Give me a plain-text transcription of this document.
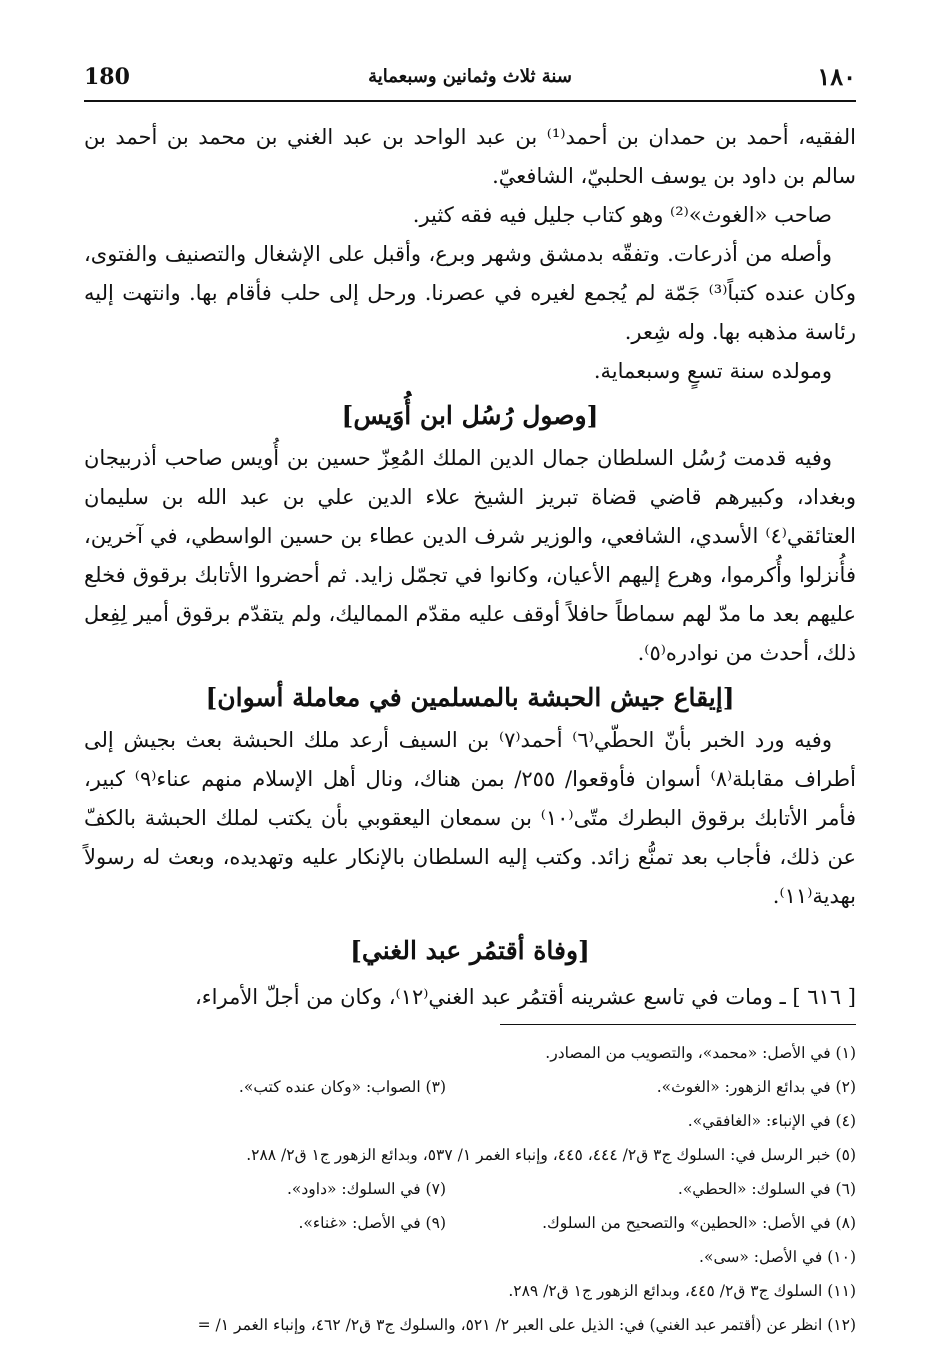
180	سنة ثلاث وثمانين وسبعماية	١٨٠

الفقيه، أحمد بن حمدان بن أحمد⁽¹⁾ بن عبد الواحد بن عبد الغني بن محمد بن أحمد بن سالم بن داود بن يوسف الحلبيّ، الشافعيّ.

صاحب «الغوث»⁽²⁾ وهو كتاب جليل فيه فقه كثير.

وأصله من أذرعات. وتفقّه بدمشق وشهر وبرع، وأقبل على الإشغال والتصنيف والفتوى، وكان عنده كتباً⁽³⁾ جَمّة لم يُجمع لغيره في عصرنا. ورحل إلى حلب فأقام بها. وانتهت إليه رئاسة مذهبه بها. وله شِعر.

ومولده سنة تسعٍ وسبعماية.

[وصول رُسُل ابن أُوَيس]

وفيه قدمت رُسُل السلطان جمال الدين الملك المُعِزّ حسين بن أُويس صاحب أذربيجان وبغداد، وكبيرهم قاضي قضاة تبريز الشيخ علاء الدين علي بن عبد الله بن سليمان العتائقي⁽٤⁾ الأسدي، الشافعي، والوزير شرف الدين عطاء بن حسين الواسطي، في آخرين، فأُنزلوا وأُكرموا، وهرع إليهم الأعيان، وكانوا في تجمّل زايد. ثم أحضروا الأتابك برقوق فخلع عليهم بعد ما مدّ لهم سماطاً حافلاً أوقف عليه مقدّم المماليك، ولم يتقدّم برقوق أمير لِفِعل ذلك، أحدث من نوادره⁽٥⁾.

[إيقاع جيش الحبشة بالمسلمين في معاملة أسوان]

وفيه ورد الخبر بأنّ الحطّي⁽٦⁾ أحمد⁽٧⁾ بن السيف أرعد ملك الحبشة بعث بجيش إلى أطراف مقابلة⁽٨⁾ أسوان فأوقعوا/ ٢٥٥/ بمن هناك، ونال أهل الإسلام منهم عناء⁽٩⁾ كبير، فأمر الأتابك برقوق البطرك متّى⁽١٠⁾ بن سمعان اليعقوبي بأن يكتب لملك الحبشة بالكفّ عن ذلك، فأجاب بعد تمنُّع زائد. وكتب إليه السلطان بالإنكار عليه وتهديده، وبعث له رسولاً بهدية⁽١١⁾.

[وفاة أقتمُر عبد الغني]

[ ٦١٦ ] ـ ومات في تاسع عشرينه أقتمُر عبد الغني⁽١٢⁾، وكان من أجلّ الأمراء،

(١) في الأصل: «محمد»، والتصويب من المصادر.
(٢) في بدائع الزهور: «الغوث».
(٣) الصواب: «وكان عنده كتب».
(٤) في الإنباء: «الغافقي».
(٥) خبر الرسل في: السلوك ج٣ ق٢/ ٤٤٤، ٤٤٥، وإنباء الغمر ١/ ٥٣٧، وبدائع الزهور ج١ ق٢/ ٢٨٨.
(٦) في السلوك: «الحطي».
(٧) في السلوك: «داود».
(٨) في الأصل: «الحطين» والتصحيح من السلوك.
(٩) في الأصل: «غناء».
(١٠) في الأصل: «سى».
(١١) السلوك ج٣ ق٢/ ٤٤٥، وبدائع الزهور ج١ ق٢/ ٢٨٩.
(١٢) انظر عن (أقتمر عبد الغني) في: الذيل على العبر ٢/ ٥٢١، والسلوك ج٣ ق٢/ ٤٦٢، وإنباء الغمر ١/ =
